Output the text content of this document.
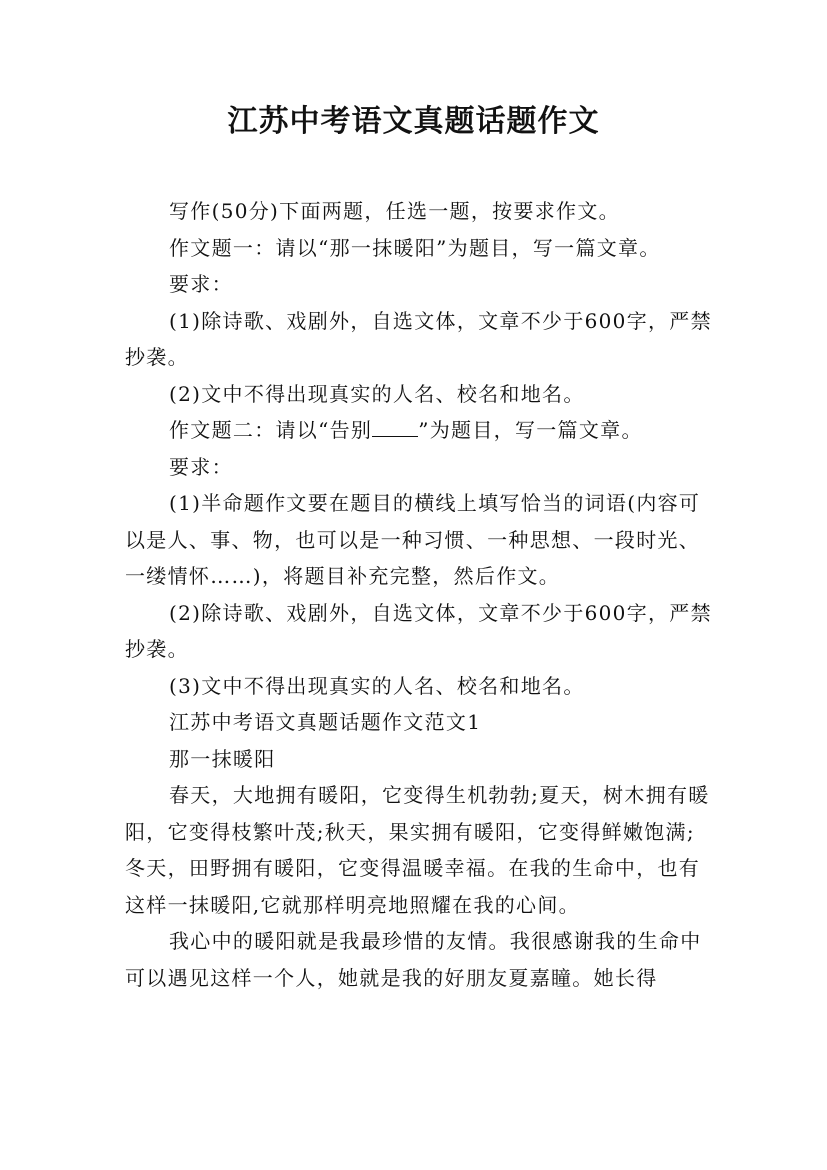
江苏中考语文真题话题作文

写作(50分)下面两题，任选一题，按要求作文。

作文题一：请以“那一抹暖阳”为题目，写一篇文章。

要求：

(1)除诗歌、戏剧外，自选文体，文章不少于600字，严禁抄袭。

(2)文中不得出现真实的人名、校名和地名。

作文题二：请以“告别 ”为题目，写一篇文章。

要求：

(1)半命题作文要在题目的横线上填写恰当的词语(内容可以是人、事、物，也可以是一种习惯、一种思想、一段时光、一缕情怀……)，将题目补充完整，然后作文。

(2)除诗歌、戏剧外，自选文体，文章不少于600字，严禁抄袭。

(3)文中不得出现真实的人名、校名和地名。

江苏中考语文真题话题作文范文1

那一抹暖阳

春天，大地拥有暖阳，它变得生机勃勃;夏天，树木拥有暖阳，它变得枝繁叶茂;秋天，果实拥有暖阳，它变得鲜嫩饱满;冬天，田野拥有暖阳，它变得温暖幸福。在我的生命中，也有这样一抹暖阳,它就那样明亮地照耀在我的心间。

我心中的暖阳就是我最珍惜的友情。我很感谢我的生命中可以遇见这样一个人，她就是我的好朋友夏嘉瞳。她长得
